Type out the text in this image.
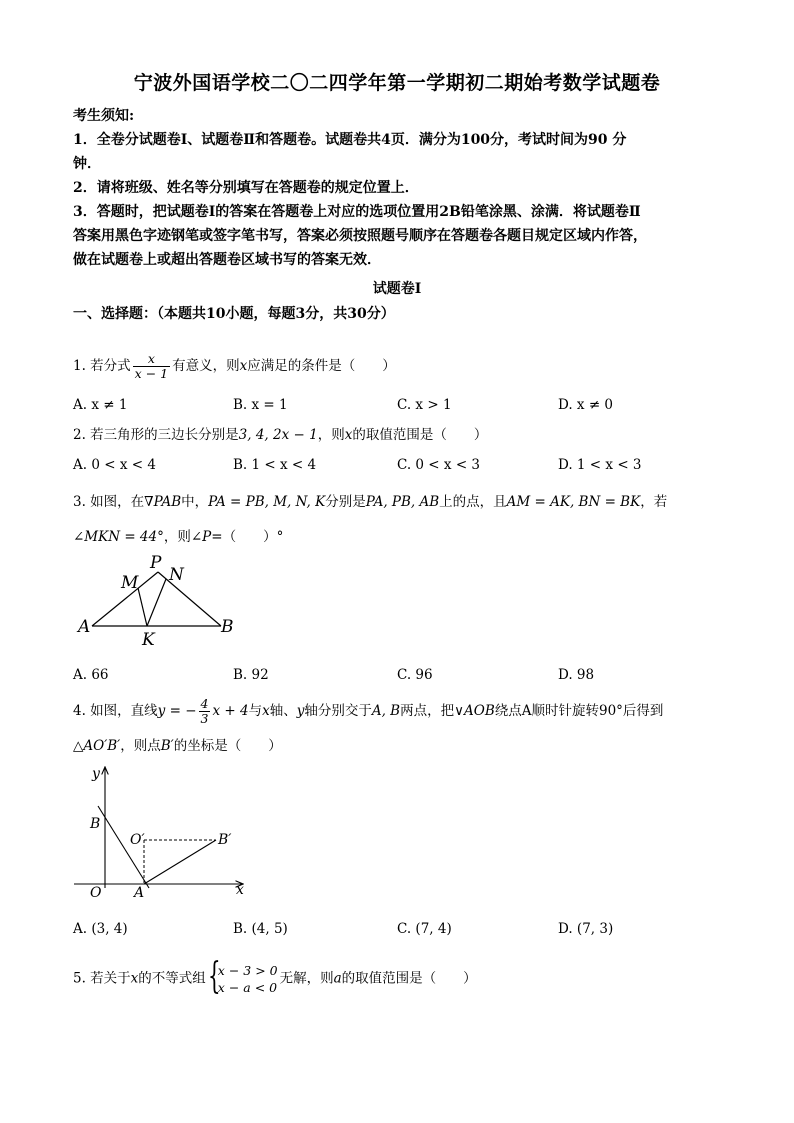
宁波外国语学校二〇二四学年第一学期初二期始考数学试题卷
考生须知:
1．全卷分试题卷Ⅰ、试题卷Ⅱ和答题卷。试题卷共4页．满分为100分，考试时间为90 分
钟．
2．请将班级、姓名等分别填写在答题卷的规定位置上．
3．答题时，把试题卷Ⅰ的答案在答题卷上对应的选项位置用2B铅笔涂黑、涂满．将试题卷Ⅱ
答案用黑色字迹钢笔或签字笔书写，答案必须按照题号顺序在答题卷各题目规定区域内作答，
做在试题卷上或超出答题卷区域书写的答案无效．
试题卷Ⅰ
一、选择题：（本题共10小题，每题3分，共30分）
1. 若分式 $\frac{x}{x - 1}$ 有意义，则x应满足的条件是（　　）
A. x ≠ 1	B. x = 1	C. x > 1	D. x ≠ 0
2. 若三角形的三边长分别是3, 4, 2x − 1，则x的取值范围是（　　）
A. 0 < x < 4	B. 1 < x < 4	C. 0 < x < 3	D. 1 < x < 3
3. 如图，在∇PAB中，PA = PB, M, N, K分别是PA, PB, AB上的点，且AM = AK, BN = BK，若
∠MKN = 44°，则∠P=（　　）°
P
M N
A	B
K
A. 66	B. 92	C. 96	D. 98
4. 如图，直线y = − $\frac{4}{3}$ x + 4与x轴、y轴分别交于A, B两点，把∨AOB绕点A顺时针旋转90°后得到
△AO′B′，则点B′的坐标是（　　）
y
x
B
O A
O′	B′
A. (3, 4)	B. (4, 5)	C. (7, 4)	D. (7, 3)
5. 若关于x的不等式组 {
x − 3 > 0
x − a < 0
无解，则a的取值范围是（　　）
